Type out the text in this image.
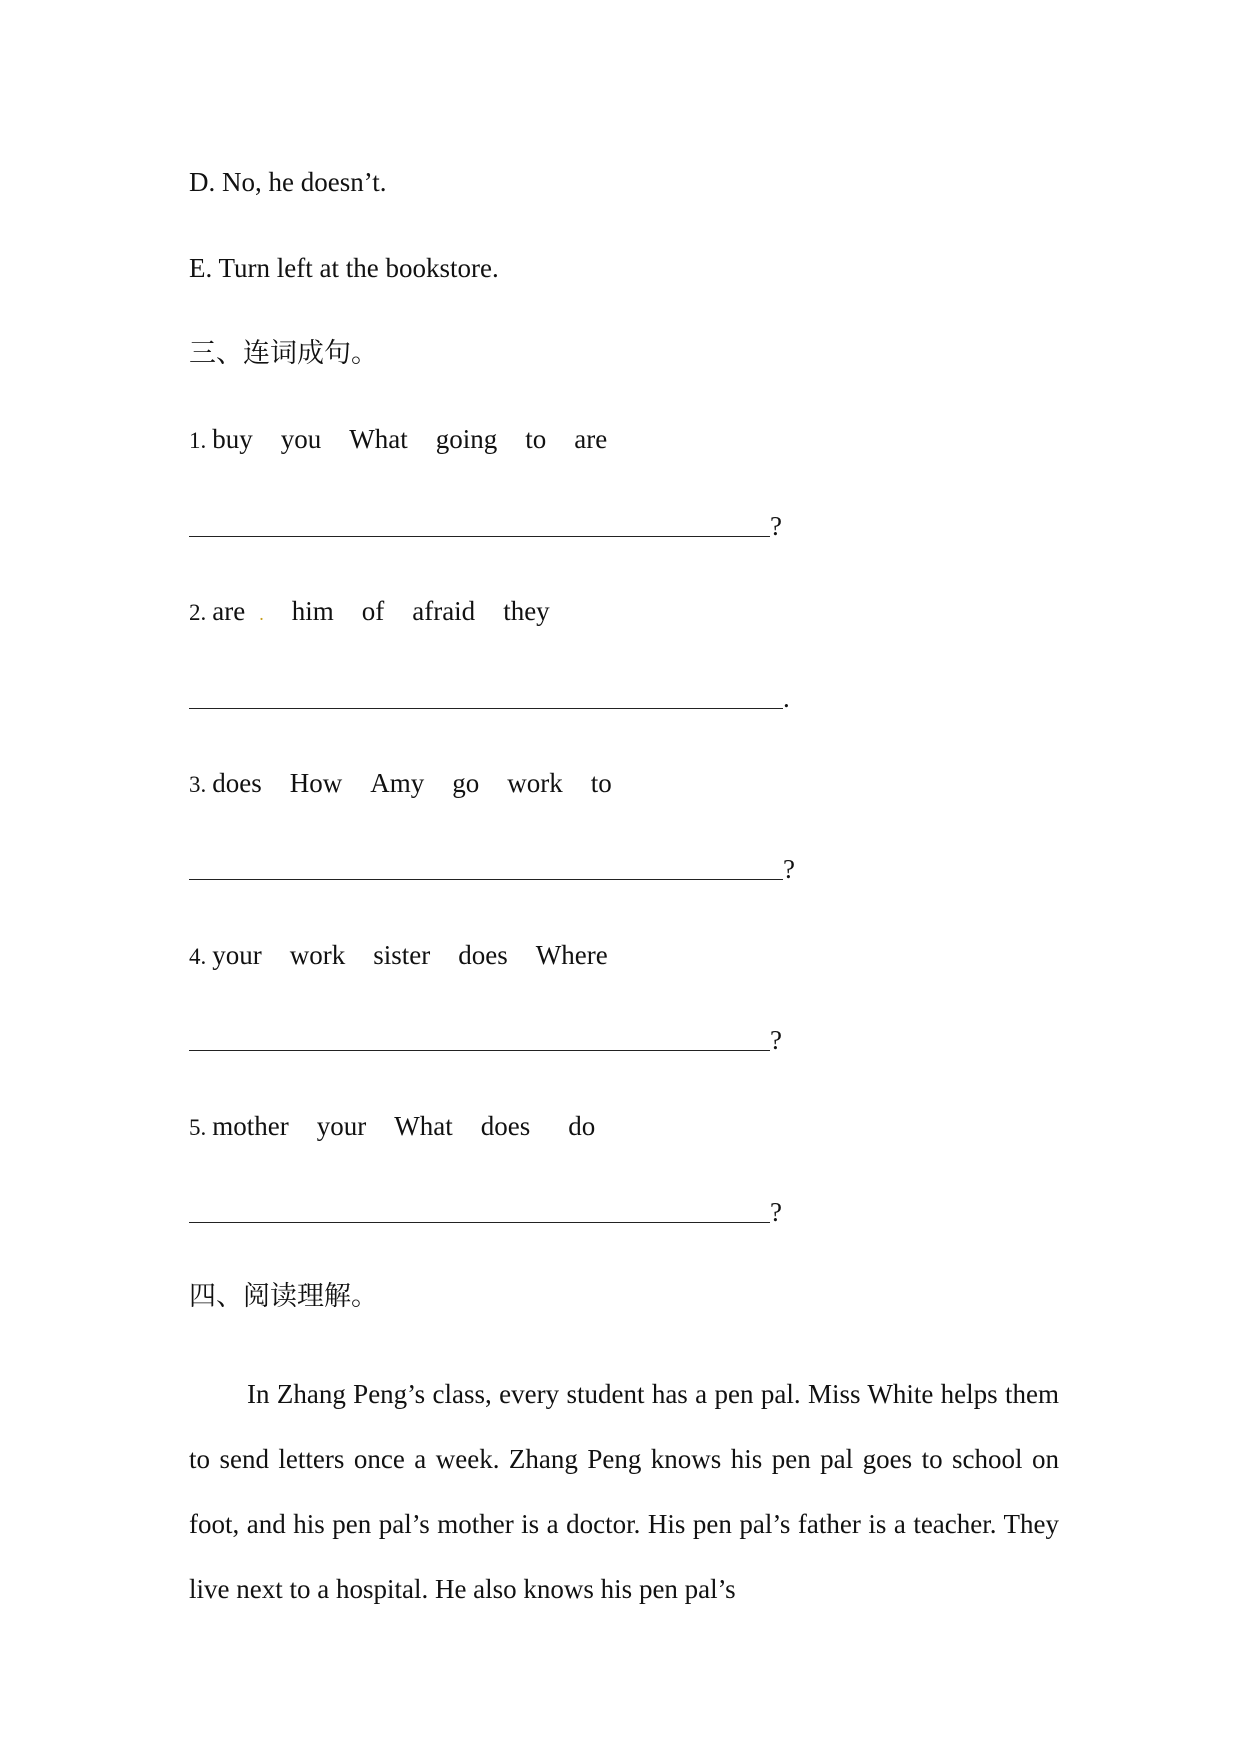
D. No, he doesn’t.
E. Turn left at the bookstore.
三、连词成句。
1. buy you What going to are
?
2. are . him of afraid they
.
3. does How Amy go work to
?
4. your work sister does Where
?
5. mother your What does do
?
四、阅读理解。
In Zhang Peng’s class, every student has a pen pal. Miss White helps them to send letters once a week. Zhang Peng knows his pen pal goes to school on foot, and his pen pal’s mother is a doctor. His pen pal’s father is a teacher. They live next to a hospital. He also knows his pen pal’s
